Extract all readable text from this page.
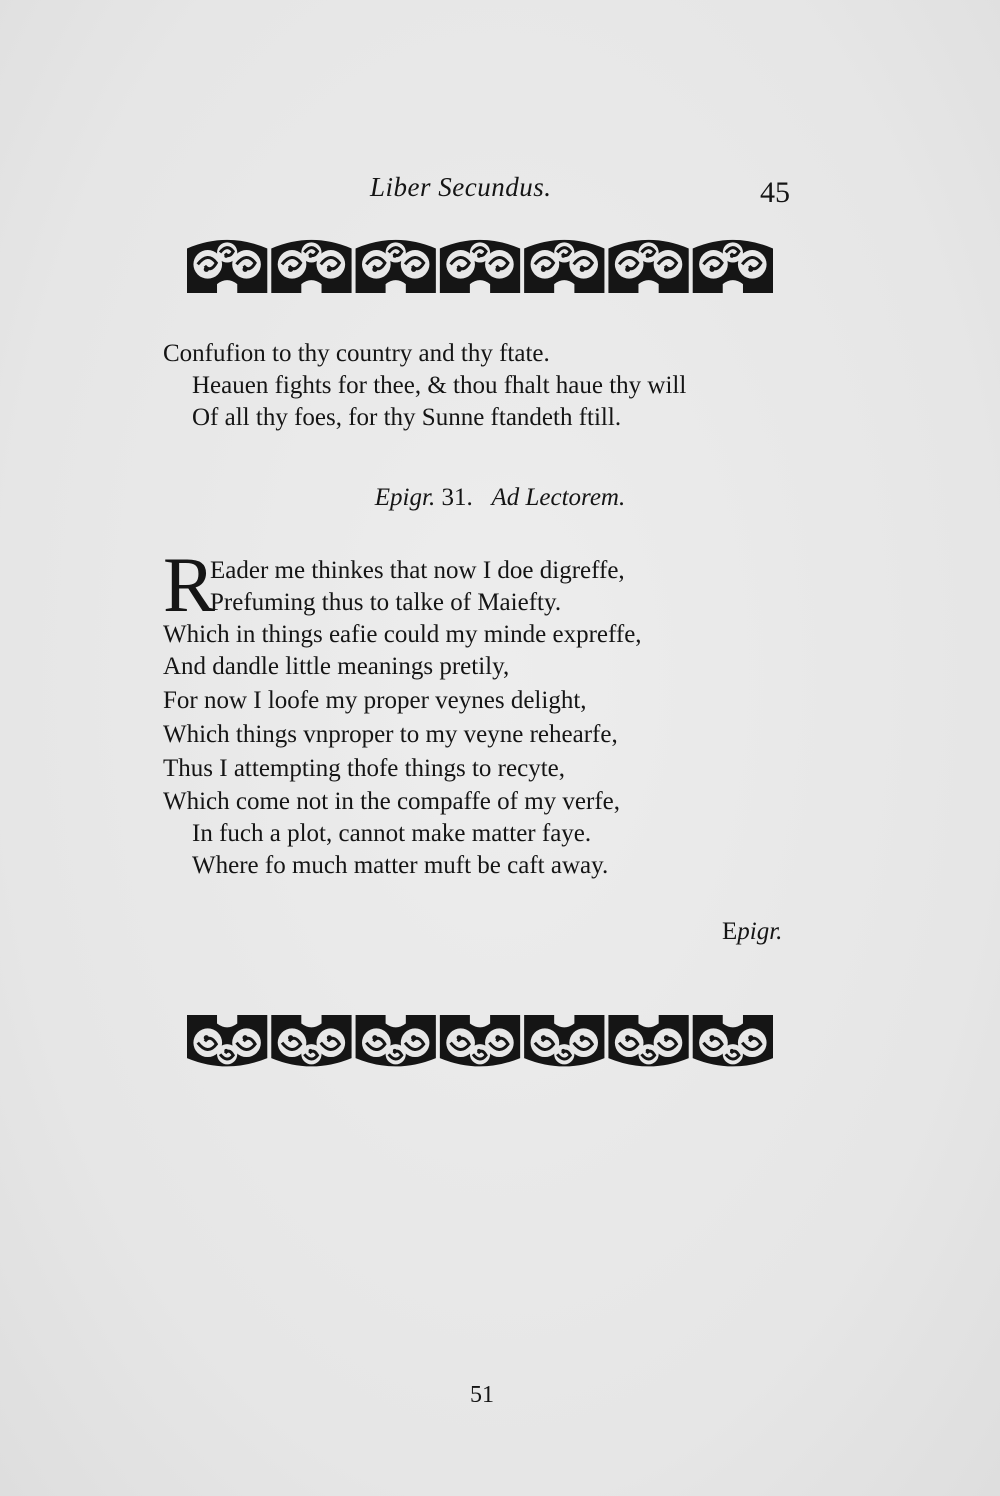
Liber Secundus.	45
Confufion to thy country and thy ftate.
Heauen fights for thee, & thou fhalt haue thy will
Of all thy foes, for thy Sunne ftandeth ftill.
Epigr. 31. Ad Lectorem.
R
Eader me thinkes that now I doe digreffe,
Prefuming thus to talke of Maiefty.
Which in things eafie could my minde expreffe,
And dandle little meanings pretily,
For now I loofe my proper veynes delight,
Which things vnproper to my veyne rehearfe,
Thus I attempting thofe things to recyte,
Which come not in the compaffe of my verfe,
In fuch a plot, cannot make matter faye.
Where fo much matter muft be caft away.
Epigr.
51
